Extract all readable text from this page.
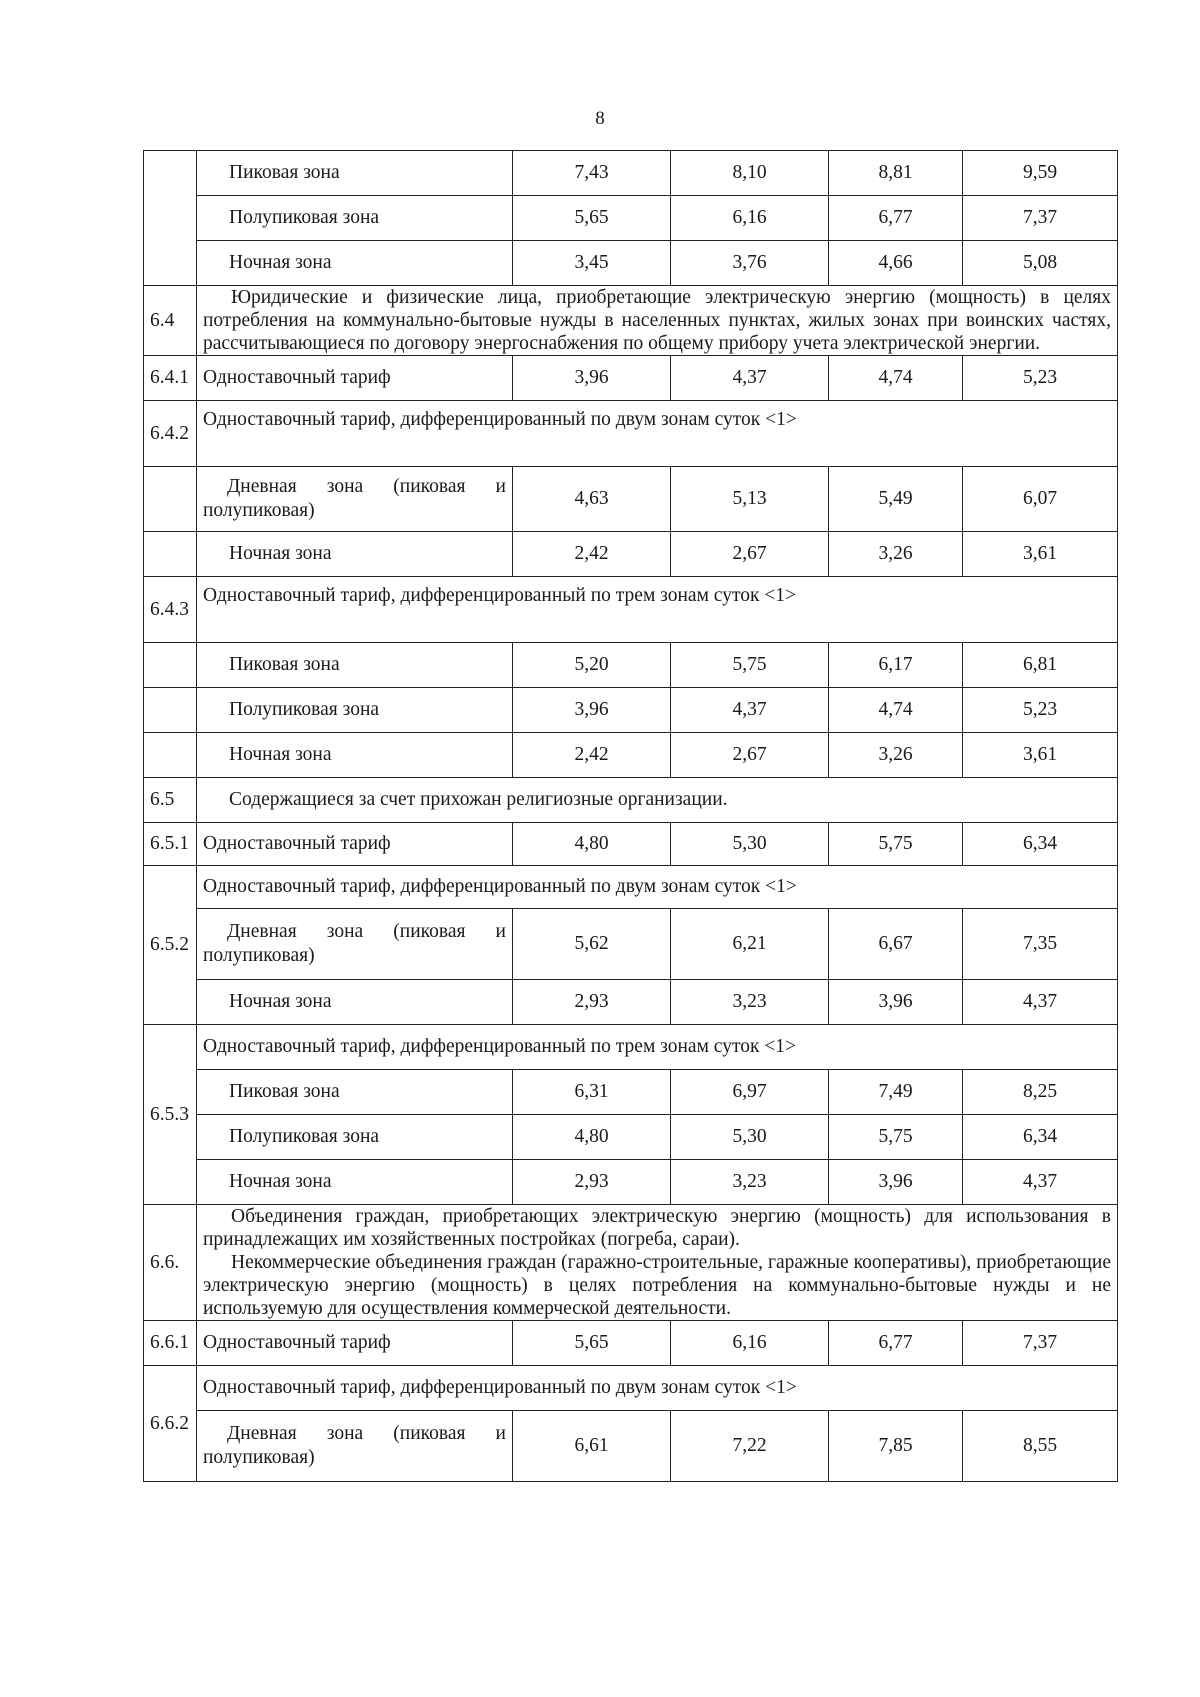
8
	Пиковая зона	7,43	8,10	8,81	9,59
	Полупиковая зона	5,65	6,16	6,77	7,37
	Ночная зона	3,45	3,76	4,66	5,08
6.4	Юридические и физические лица, приобретающие электрическую энергию (мощность) в целях потребления на коммунально-бытовые нужды в населенных пунктах, жилых зонах при воинских частях, рассчитывающиеся по договору энергоснабжения по общему прибору учета электрической энергии.				

6.4.1	Одноставочный тариф	3,96	4,37	4,74	5,23
6.4.2	Одноставочный тариф, дифференцированный по двум зонам суток <1>				

	Дневная зона (пиковая и полупиковая)	4,63	5,13	5,49	6,07
	Ночная зона	2,42	2,67	3,26	3,61
6.4.3	Одноставочный тариф, дифференцированный по трем зонам суток <1>				
	Пиковая зона	5,20	5,75	6,17	6,81
	Полупиковая зона	3,96	4,37	4,74	5,23
	Ночная зона	2,42	2,67	3,26	3,61
6.5	Содержащиеся за счет прихожан религиозные организации.				
6.5.1	Одноставочный тариф	4,80	5,30	5,75	6,34
6.5.2	Одноставочный тариф, дифференцированный по двум зонам суток <1>				

	Дневная зона (пиковая и полупиковая)	5,62	6,21	6,67	7,35
	Ночная зона	2,93	3,23	3,96	4,37
6.5.3	Одноставочный тариф, дифференцированный по трем зонам суток <1>				
	Пиковая зона	6,31	6,97	7,49	8,25
	Полупиковая зона	4,80	5,30	5,75	6,34
	Ночная зона	2,93	3,23	3,96	4,37
6.6.	Объединения граждан, приобретающих электрическую энергию (мощность) для использования в принадлежащих им хозяйственных постройках (погреба, сараи).

Некоммерческие объединения граждан (гаражно-строительные, гаражные кооперативы), приобретающие электрическую энергию (мощность) в целях потребления на коммунально-бытовые нужды и не используемую для осуществления коммерческой деятельности.				

6.6.1	Одноставочный тариф	5,65	6,16	6,77	7,37
6.6.2	Одноставочный тариф, дифференцированный по двум зонам суток <1>				

	Дневная зона (пиковая и полупиковая)	6,61	7,22	7,85	8,55
